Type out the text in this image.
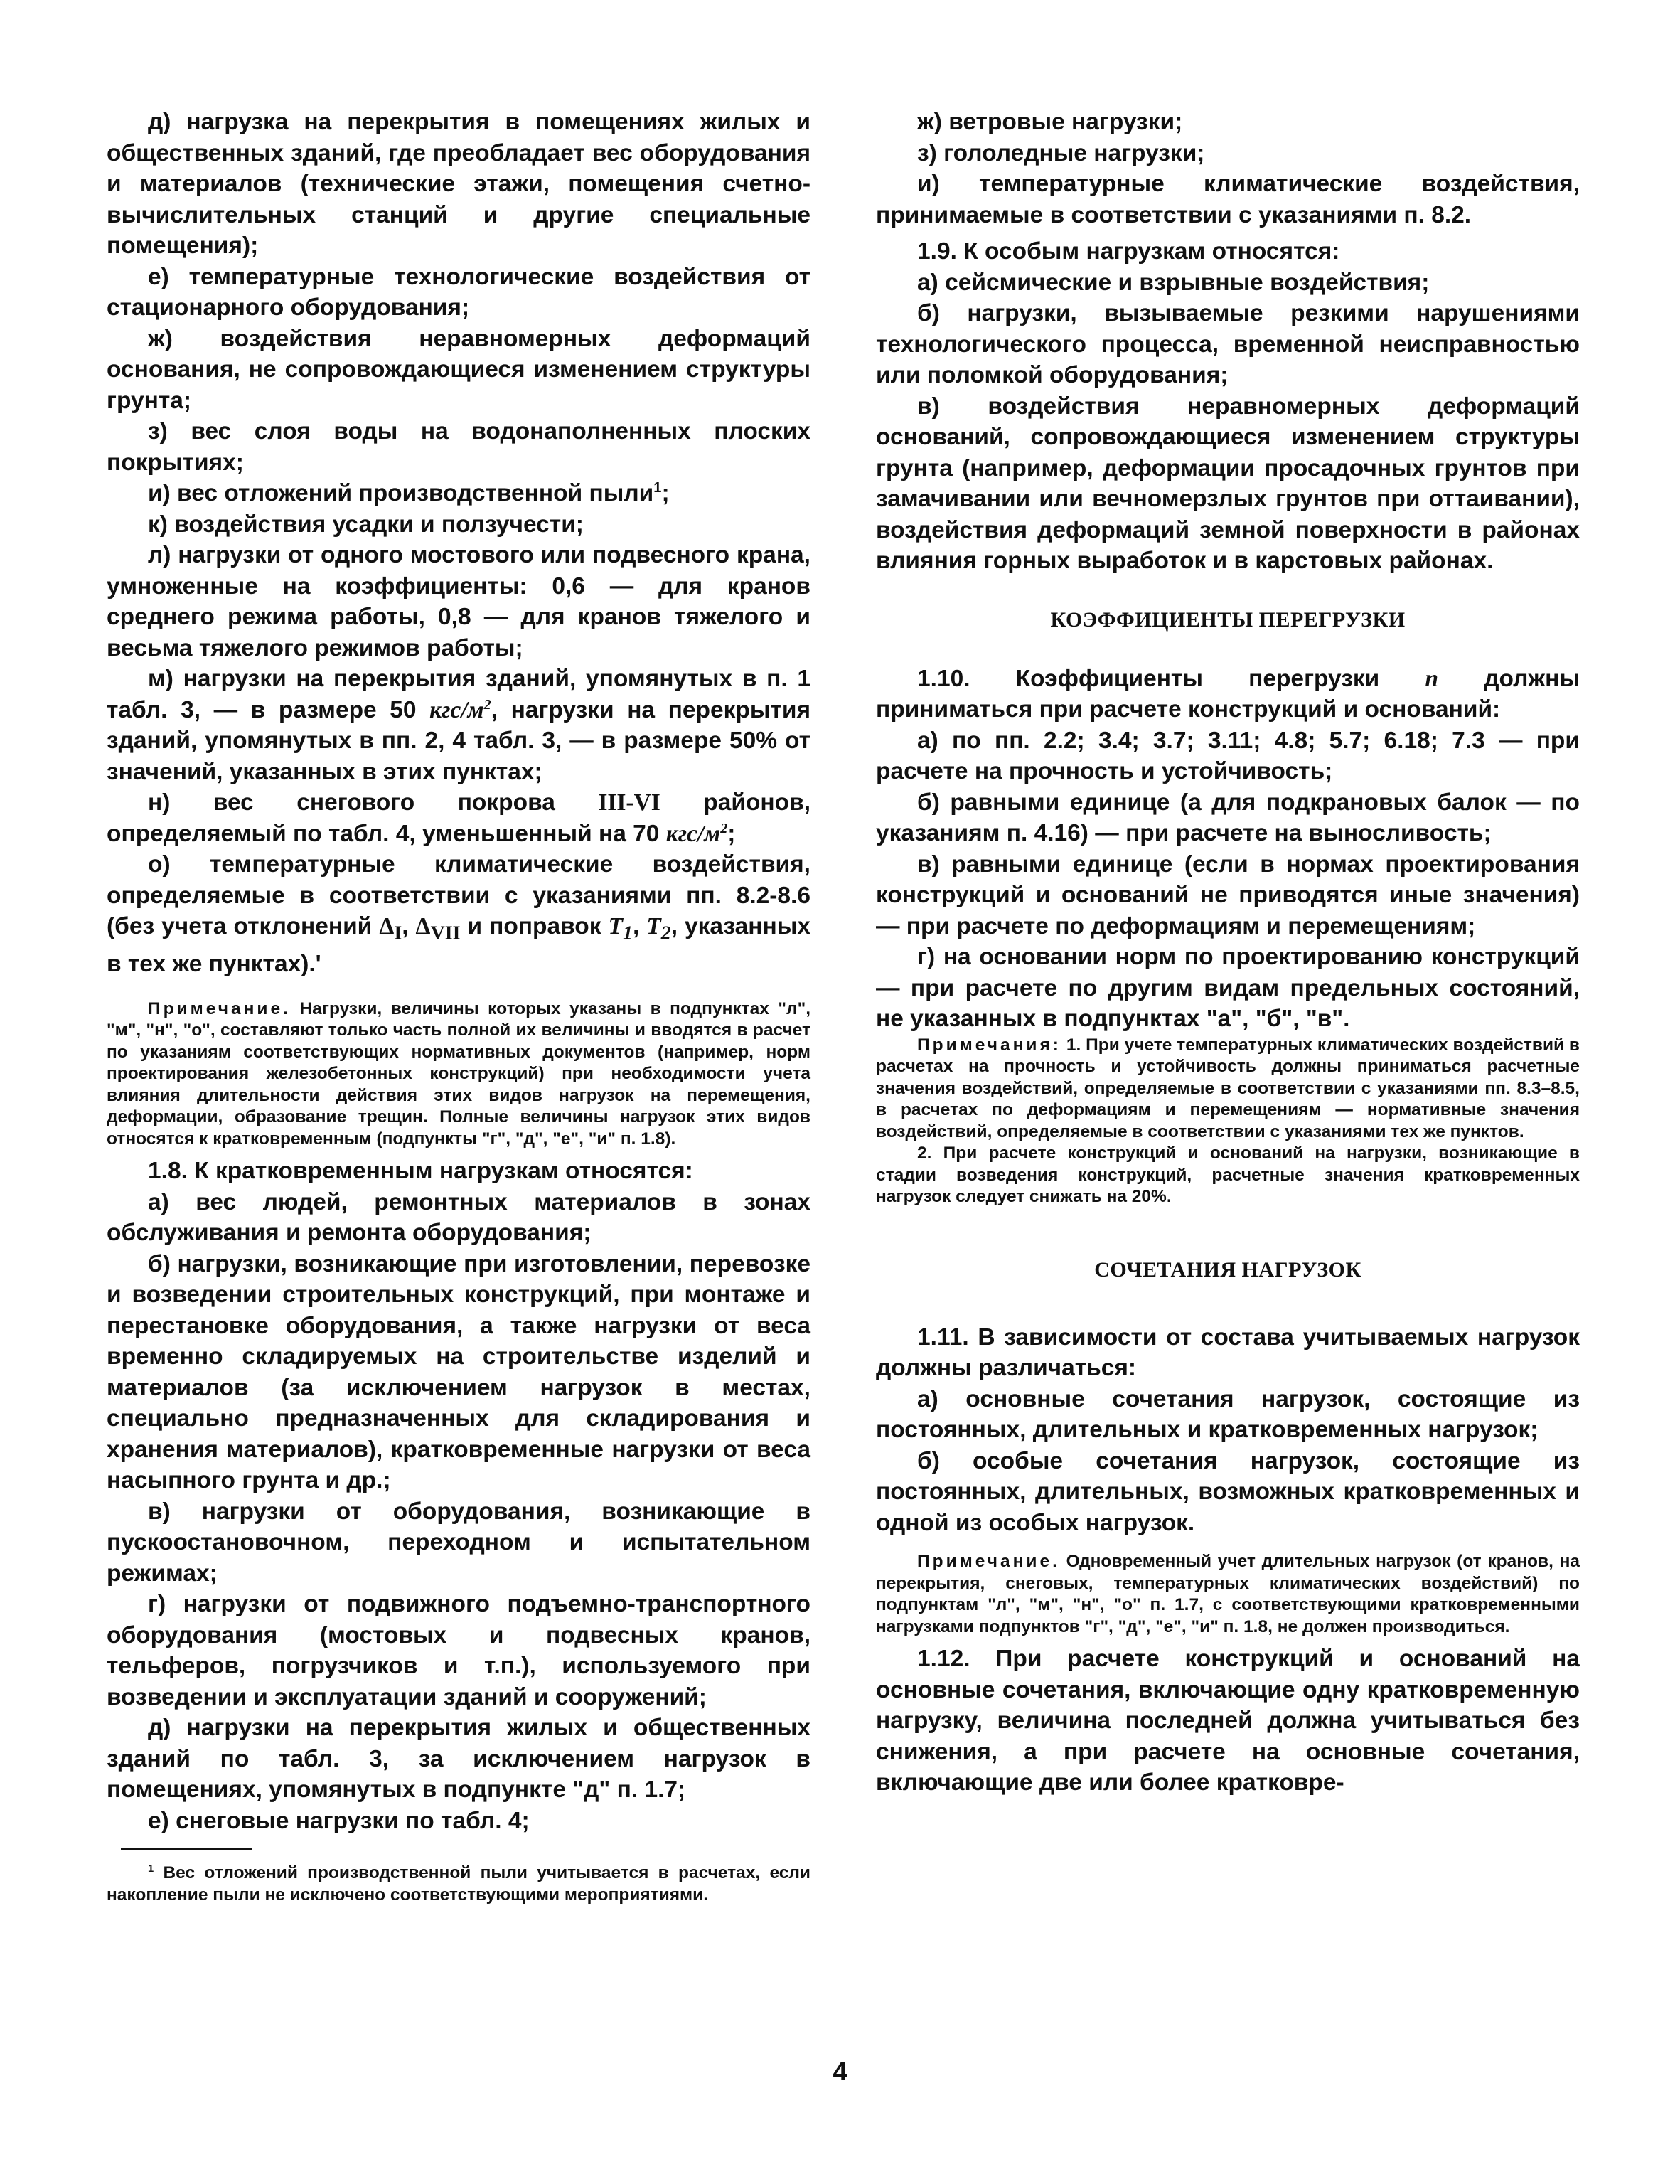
д) нагрузка на перекрытия в помещениях жилых и общественных зданий, где преобладает вес оборудования и материалов (технические этажи, помещения счетно-вычислительных станций и другие специальные помещения);

е) температурные технологические воздействия от стационарного оборудования;

ж) воздействия неравномерных деформаций основания, не сопровождающиеся изменением структуры грунта;

з) вес слоя воды на водонаполненных плоских покрытиях;

и) вес отложений производственной пыли$^1$;

к) воздействия усадки и ползучести;

л) нагрузки от одного мостового или подвесного крана, умноженные на коэффициенты: 0,6 — для кранов среднего режима работы, 0,8 — для кранов тяжелого и весьма тяжелого режимов работы;

м) нагрузки на перекрытия зданий, упомянутых в п. 1 табл. 3, — в размере 50 кгс/$м^2$, нагрузки на перекрытия зданий, упомянутых в пп. 2, 4 табл. 3, — в размере 50% от значений, указанных в этих пунктах;

н) вес снегового покрова III-VI районов, определяемый по табл. 4, уменьшенный на 70 кгс/$м^2$;

о) температурные климатические воздействия, определяемые в соответствии с указаниями пп. 8.2-8.6 (без учета отклонений $\Delta_I$, $\Delta_{VII}$ и поправок $T_1$, $T_2$, указанных в тех же пунктах).'

Примечание. Нагрузки, величины которых указаны в подпунктах "л", "м", "н", "о", составляют только часть полной их величины и вводятся в расчет по указаниям соответствующих нормативных документов (например, норм проектирования железобетонных конструкций) при необходимости учета влияния длительности действия этих видов нагрузок на перемещения, деформации, образование трещин. Полные величины нагрузок этих видов относятся к кратковременным (подпункты "г", "д", "е", "и" п. 1.8).

1.8. К кратковременным нагрузкам относятся:

а) вес людей, ремонтных материалов в зонах обслуживания и ремонта оборудования;

б) нагрузки, возникающие при изготовлении, перевозке и возведении строительных конструкций, при монтаже и перестановке оборудования, а также нагрузки от веса временно складируемых на строительстве изделий и материалов (за исключением нагрузок в местах, специально предназначенных для складирования и хранения материалов), кратковременные нагрузки от веса насыпного грунта и др.;

в) нагрузки от оборудования, возникающие в пускоостановочном, переходном и испытательном режимах;

г) нагрузки от подвижного подъемно-транспортного оборудования (мостовых и подвесных кранов, тельферов, погрузчиков и т.п.), используемого при возведении и эксплуатации зданий и сооружений;

д) нагрузки на перекрытия жилых и общественных зданий по табл. 3, за исключением нагрузок в помещениях, упомянутых в подпункте "д" п. 1.7;

е) снеговые нагрузки по табл. 4;

$^1$ Вес отложений производственной пыли учитывается в расчетах, если накопление пыли не исключено соответствующими мероприятиями.

ж) ветровые нагрузки;

з) гололедные нагрузки;

и) температурные климатические воздействия, принимаемые в соответствии с указаниями п. 8.2.

1.9. К особым нагрузкам относятся:

а) сейсмические и взрывные воздействия;

б) нагрузки, вызываемые резкими нарушениями технологического процесса, временной неисправностью или поломкой оборудования;

в) воздействия неравномерных деформаций оснований, сопровождающиеся изменением структуры грунта (например, деформации просадочных грунтов при замачивании или вечномерзлых грунтов при оттаивании), воздействия деформаций земной поверхности в районах влияния горных выработок и в карстовых районах.

КОЭФФИЦИЕНТЫ ПЕРЕГРУЗКИ

1.10. Коэффициенты перегрузки n должны приниматься при расчете конструкций и оснований:

а) по пп. 2.2; 3.4; 3.7; 3.11; 4.8; 5.7; 6.18; 7.3 — при расчете на прочность и устойчивость;

б) равными единице (а для подкрановых балок — по указаниям п. 4.16) — при расчете на выносливость;

в) равными единице (если в нормах проектирования конструкций и оснований не приводятся иные значения) — при расчете по деформациям и перемещениям;

г) на основании норм по проектированию конструкций — при расчете по другим видам предельных состояний, не указанных в подпунктах "а", "б", "в".

Примечания: 1. При учете температурных климатических воздействий в расчетах на прочность и устойчивость должны приниматься расчетные значения воздействий, определяемые в соответствии с указаниями пп. 8.3–8.5, в расчетах по деформациям и перемещениям — нормативные значения воздействий, определяемые в соответствии с указаниями тех же пунктов.

2. При расчете конструкций и оснований на нагрузки, возникающие в стадии возведения конструкций, расчетные значения кратковременных нагрузок следует снижать на 20%.

СОЧЕТАНИЯ НАГРУЗОК

1.11. В зависимости от состава учитываемых нагрузок должны различаться:

а) основные сочетания нагрузок, состоящие из постоянных, длительных и кратковременных нагрузок;

б) особые сочетания нагрузок, состоящие из постоянных, длительных, возможных кратковременных и одной из особых нагрузок.

Примечание. Одновременный учет длительных нагрузок (от кранов, на перекрытия, снеговых, температурных климатических воздействий) по подпунктам "л", "м", "н", "о" п. 1.7, с соответствующими кратковременными нагрузками подпунктов "г", "д", "е", "и" п. 1.8, не должен производиться.

1.12. При расчете конструкций и оснований на основные сочетания, включающие одну кратковременную нагрузку, величина последней должна учитываться без снижения, а при расчете на основные сочетания, включающие две или более кратковре-

4
